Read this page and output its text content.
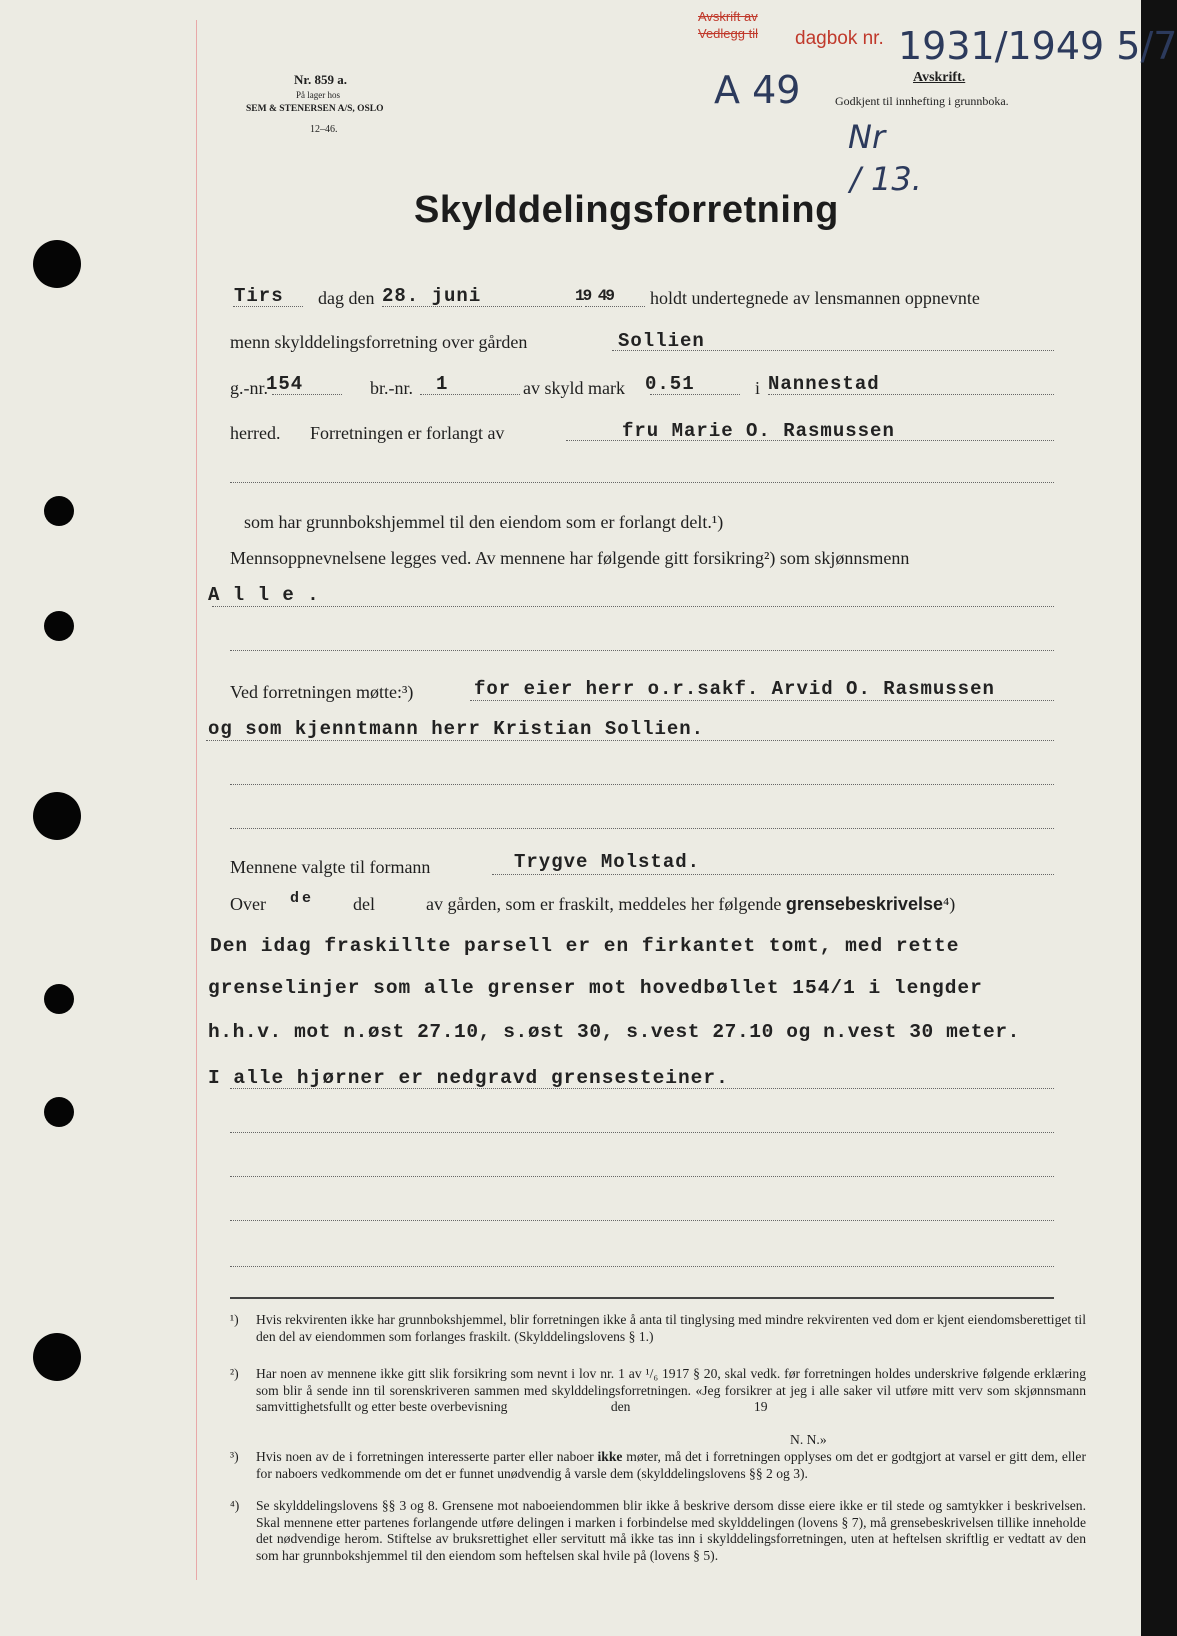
Nr. 859 a.
På lager hos
SEM & STENERSEN A/S, OSLO
12–46.
Avskrift av
Vedlegg til dagbok nr. 1931/1949 5/7
A 49	Avskrift.
Godkjent til innhefting i grunnboka.
Nr
/ 13.
Skylddelingsforretning
Tirs dag den 28. juni	19 49 holdt undertegnede av lensmannen oppnevnte
menn skylddelingsforretning over gården	Sollien
g.-nr.
154	br.-nr. 1	av skyld mark 0.51	i Nannestad
herred. Forretningen er forlangt av	fru Marie O. Rasmussen
som har grunnbokshjemmel til den eiendom som er forlangt delt.¹)
Mennsoppnevnelsene legges ved. Av mennene har følgende gitt forsikring²) som skjønnsmenn
A l l e .
Ved forretningen møtte:³)	for eier herr o.r.sakf. Arvid O. Rasmussen
og som kjenntmann herr Kristian Sollien.
Mennene valgte til formann	Trygve Molstad.
Over d e del	av gården, som er fraskilt, meddeles her følgende grensebeskrivelse⁴)
Den idag fraskillte parsell er en firkantet tomt, med rette
grenselinjer som alle grenser mot hovedbøllet 154/1 i lengder
h.h.v. mot n.øst 27.10, s.øst 30, s.vest 27.10 og n.vest 30 meter.
I alle hjørner er nedgravd grensesteiner.
¹) Hvis rekvirenten ikke har grunnbokshjemmel, blir forretningen ikke å anta til tinglysing med mindre rekvirenten ved dom er kjent eiendomsberettiget til den del av eiendommen som forlanges fraskilt. (Skylddelingslovens § 1.)
²) Har noen av mennene ikke gitt slik forsikring som nevnt i lov nr. 1 av ¹/₆ 1917 § 20, skal vedk. før forretningen holdes underskrive følgende erklæring som blir å sende inn til sorenskriveren sammen med skylddelingsforretningen. «Jeg forsikrer at jeg i alle saker vil utføre mitt verv som skjønnsmann samvittighetsfullt og etter beste overbevisning	den	19
N. N.»
³) Hvis noen av de i forretningen interesserte parter eller naboer ikke møter, må det i forretningen opplyses om det er godtgjort at varsel er gitt dem, eller for naboers vedkommende om det er funnet unødvendig å varsle dem (skylddelingslovens §§ 2 og 3).
⁴) Se skylddelingslovens §§ 3 og 8. Grensene mot naboeiendommen blir ikke å beskrive dersom disse eiere ikke er til stede og samtykker i beskrivelsen. Skal mennene etter partenes forlangende utføre delingen i marken i forbindelse med skylddelingen (lovens § 7), må grensebeskrivelsen tillike inneholde det nødvendige herom. Stiftelse av bruksrettighet eller servitutt må ikke tas inn i skylddelingsforretningen, uten at heftelsen skriftlig er vedtatt av den som har grunnbokshjemmel til den eiendom som heftelsen skal hvile på (lovens § 5).
